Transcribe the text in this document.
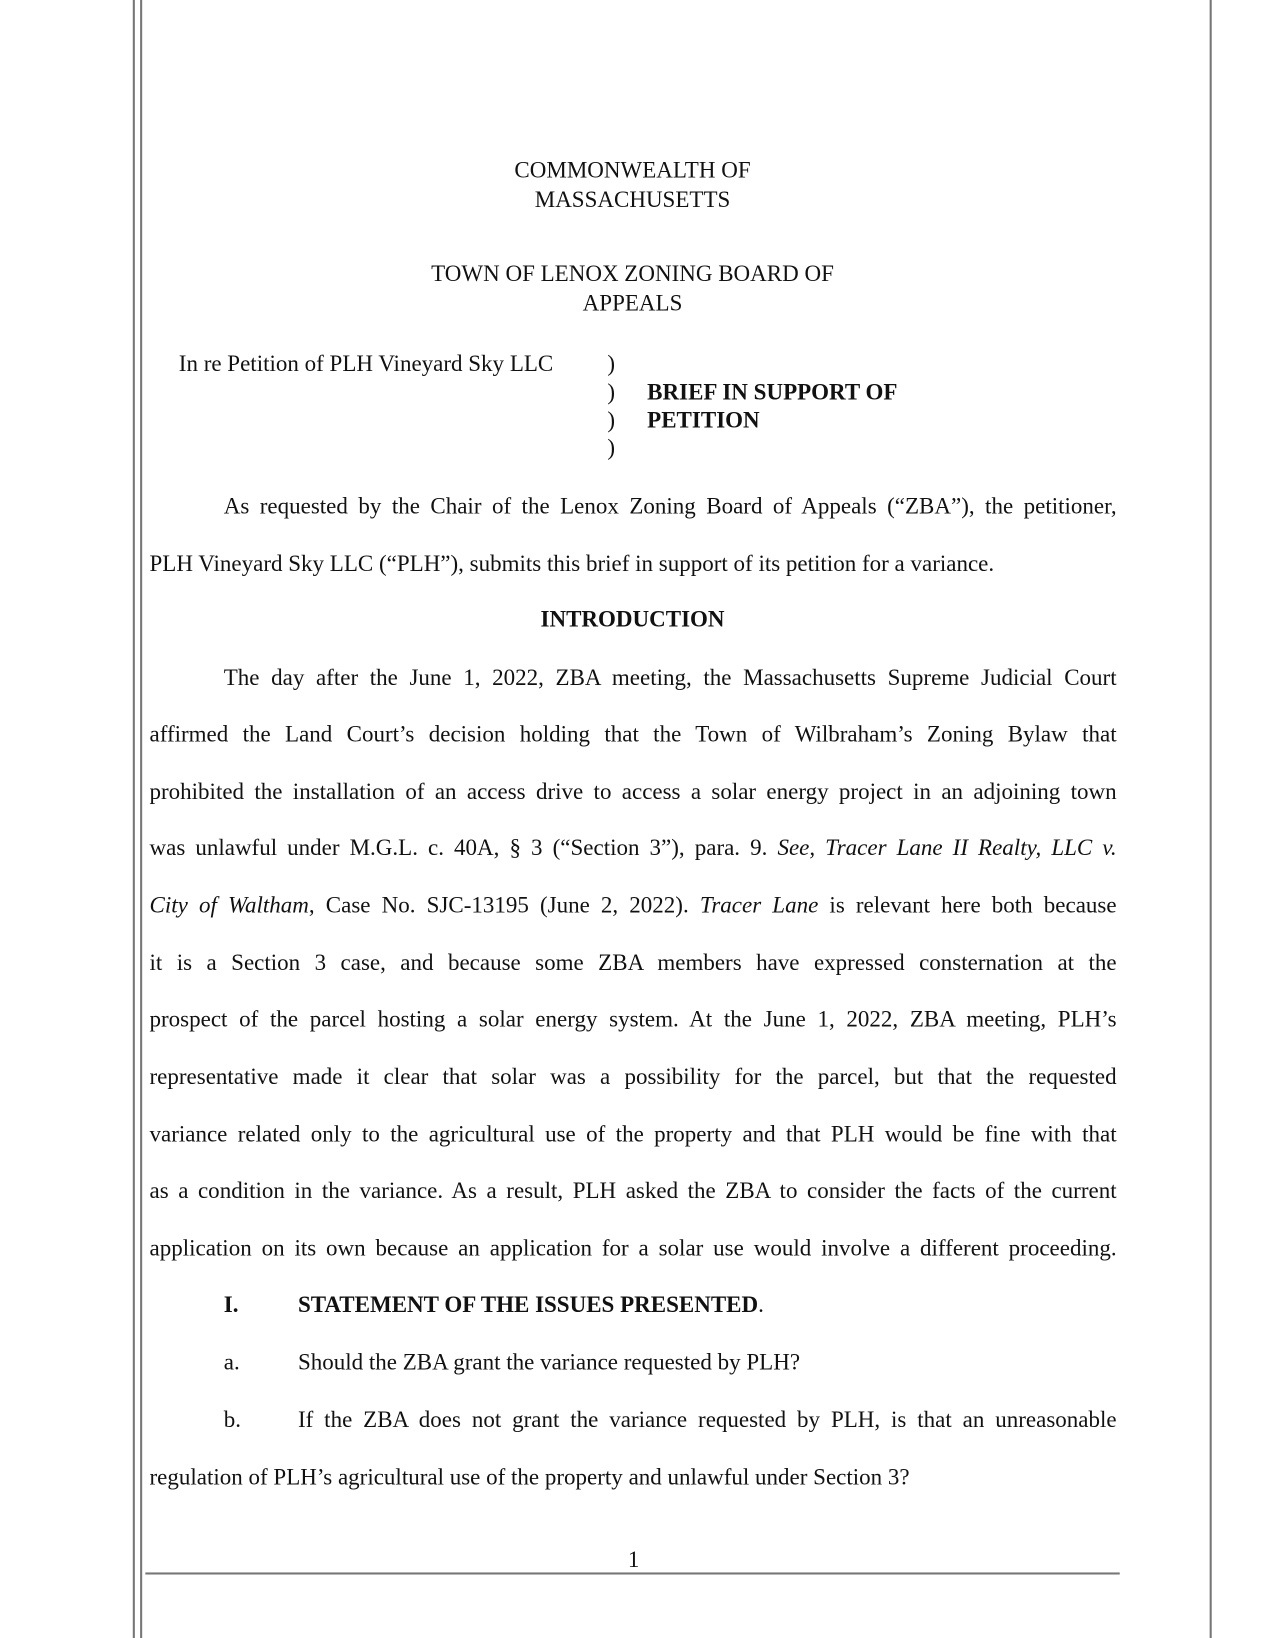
COMMONWEALTH OF
MASSACHUSETTS
TOWN OF LENOX ZONING BOARD OF
APPEALS
In re Petition of PLH Vineyard Sky LLC )
)
)
)
BRIEF IN SUPPORT OF
PETITION
As requested by the Chair of the Lenox Zoning Board of Appeals (“ZBA”), the petitioner,
PLH Vineyard Sky LLC (“PLH”), submits this brief in support of its petition for a variance.
INTRODUCTION
The day after the June 1, 2022, ZBA meeting, the Massachusetts Supreme Judicial Court
affirmed the Land Court’s decision holding that the Town of Wilbraham’s Zoning Bylaw that
prohibited the installation of an access drive to access a solar energy project in an adjoining town
was unlawful under M.G.L. c. 40A, § 3 (“Section 3”), para. 9. See, Tracer Lane II Realty, LLC v.
City of Waltham, Case No. SJC-13195 (June 2, 2022). Tracer Lane is relevant here both because
it is a Section 3 case, and because some ZBA members have expressed consternation at the
prospect of the parcel hosting a solar energy system. At the June 1, 2022, ZBA meeting, PLH’s
representative made it clear that solar was a possibility for the parcel, but that the requested
variance related only to the agricultural use of the property and that PLH would be fine with that
as a condition in the variance. As a result, PLH asked the ZBA to consider the facts of the current
application on its own because an application for a solar use would involve a different proceeding.
I.	STATEMENT OF THE ISSUES PRESENTED.
a.	Should the ZBA grant the variance requested by PLH?
b.	If the ZBA does not grant the variance requested by PLH, is that an unreasonable
regulation of PLH’s agricultural use of the property and unlawful under Section 3?
1
